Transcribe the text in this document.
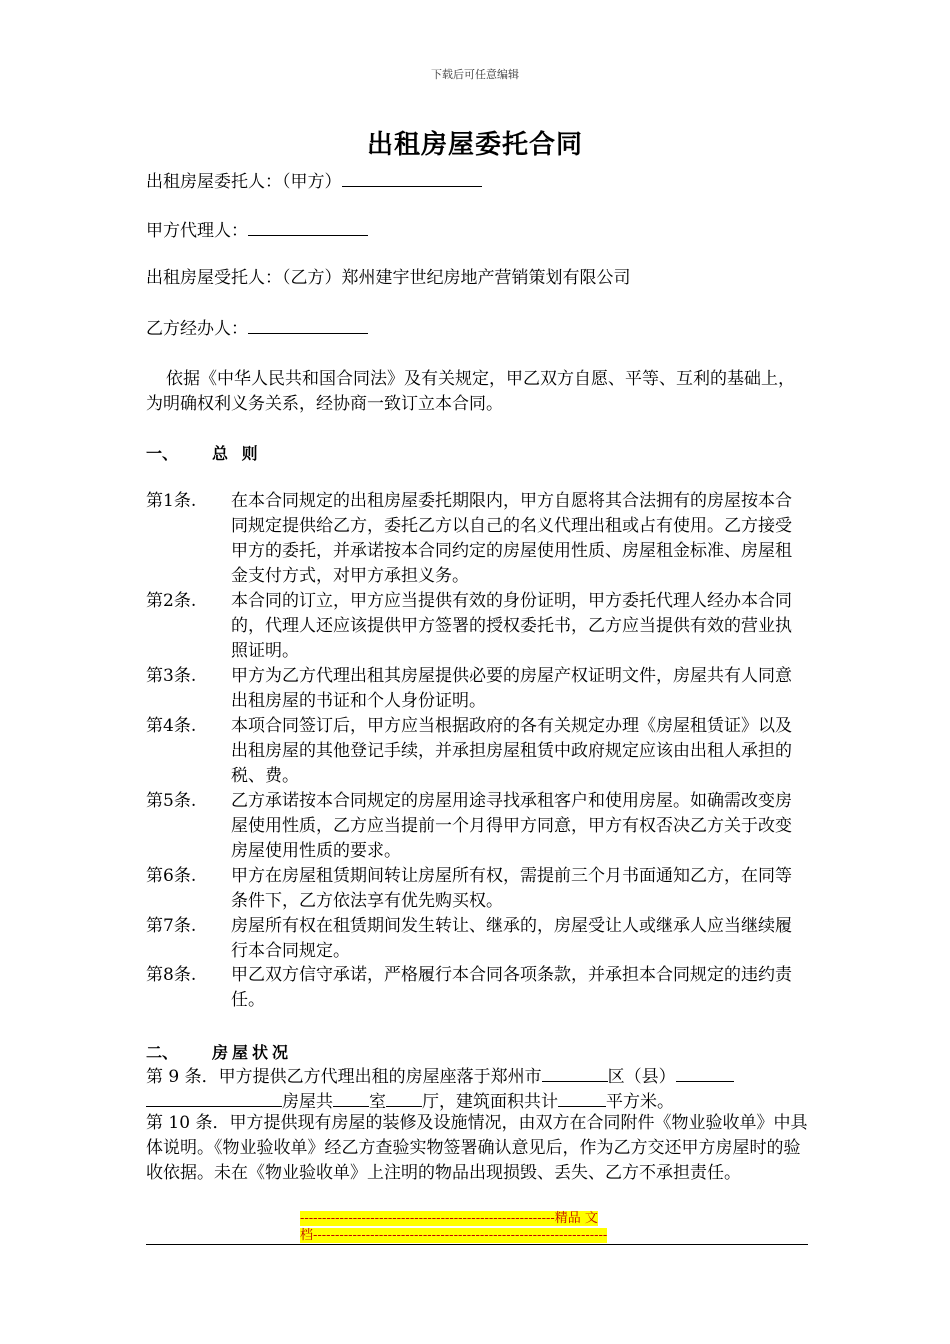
下载后可任意编辑
出租房屋委托合同
出租房屋委托人：（甲方）
甲方代理人：
出租房屋受托人：（乙方）郑州建宇世纪房地产营销策划有限公司
乙方经办人：
依据《中华人民共和国合同法》及有关规定，甲乙双方自愿、平等、互利的基础上，为明确权利义务关系，经协商一致订立本合同。
一、 总 则
第1条. 在本合同规定的出租房屋委托期限内，甲方自愿将其合法拥有的房屋按本合同规定提供给乙方，委托乙方以自己的名义代理出租或占有使用。乙方接受甲方的委托，并承诺按本合同约定的房屋使用性质、房屋租金标准、房屋租金支付方式，对甲方承担义务。
第2条. 本合同的订立，甲方应当提供有效的身份证明，甲方委托代理人经办本合同的，代理人还应该提供甲方签署的授权委托书，乙方应当提供有效的营业执照证明。
第3条. 甲方为乙方代理出租其房屋提供必要的房屋产权证明文件，房屋共有人同意出租房屋的书证和个人身份证明。
第4条. 本项合同签订后，甲方应当根据政府的各有关规定办理《房屋租赁证》以及出租房屋的其他登记手续，并承担房屋租赁中政府规定应该由出租人承担的税、费。
第5条. 乙方承诺按本合同规定的房屋用途寻找承租客户和使用房屋。如确需改变房屋使用性质，乙方应当提前一个月得甲方同意，甲方有权否决乙方关于改变房屋使用性质的要求。
第6条. 甲方在房屋租赁期间转让房屋所有权，需提前三个月书面通知乙方，在同等条件下，乙方依法享有优先购买权。
第7条. 房屋所有权在租赁期间发生转让、继承的，房屋受让人或继承人应当继续履行本合同规定。
第8条. 甲乙双方信守承诺，严格履行本合同各项条款，并承担本合同规定的违约责任。
二、 房屋状况
第 9 条．甲方提供乙方代理出租的房屋座落于郑州市	区（县）
房屋共 室 厅，建筑面积共计	平方米。
第 10 条．甲方提供现有房屋的装修及设施情况，由双方在合同附件《物业验收单》中具体说明。《物业验收单》经乙方查验实物签署确认意见后，作为乙方交还甲方房屋时的验收依据。未在《物业验收单》上注明的物品出现损毁、丢失、乙方不承担责任。
----------------------------------------------------------精品 文
档-------------------------------------------------------------------
